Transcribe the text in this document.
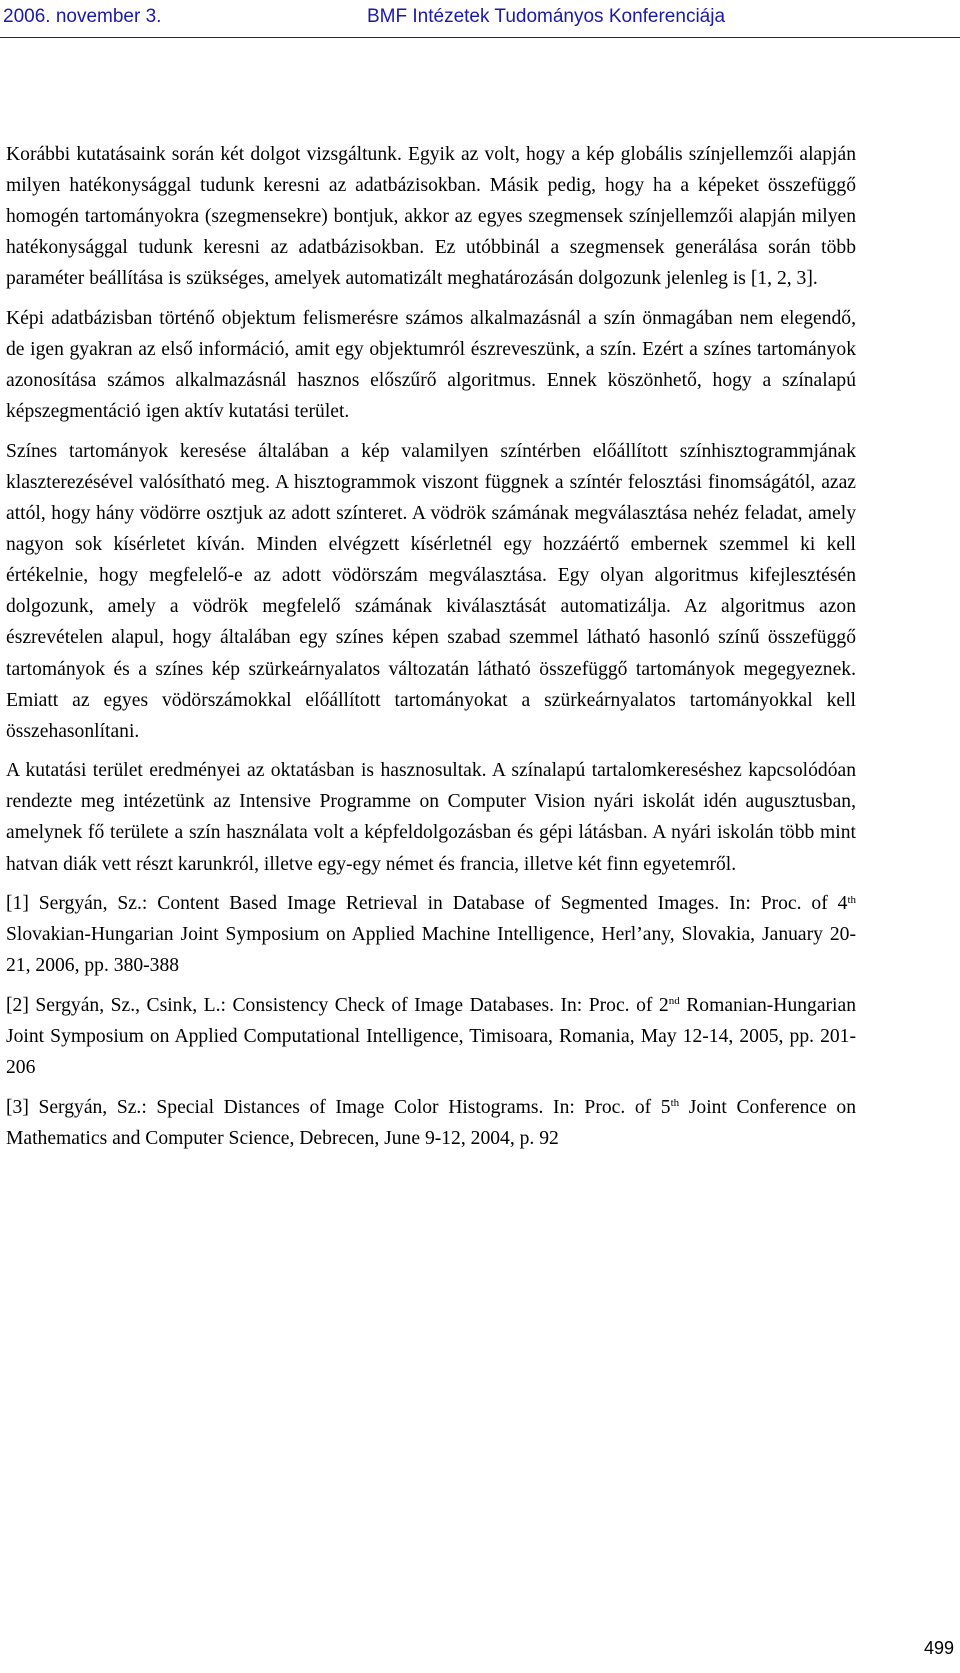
2006. november 3.	BMF Intézetek Tudományos Konferenciája

Korábbi kutatásaink során két dolgot vizsgáltunk. Egyik az volt, hogy a kép globális színjellemzői alapján milyen hatékonysággal tudunk keresni az adatbázisokban. Másik pedig, hogy ha a képeket összefüggő homogén tartományokra (szegmensekre) bontjuk, akkor az egyes szegmensek színjellemzői alapján milyen hatékonysággal tudunk keresni az adatbázisokban. Ez utóbbinál a szegmensek generálása során több paraméter beállítása is szükséges, amelyek automatizált meghatározásán dolgozunk jelenleg is [1, 2, 3].

Képi adatbázisban történő objektum felismerésre számos alkalmazásnál a szín önmagában nem elegendő, de igen gyakran az első információ, amit egy objektumról észreveszünk, a szín. Ezért a színes tartományok azonosítása számos alkalmazásnál hasznos előszűrő algoritmus. Ennek köszönhető, hogy a színalapú képszegmentáció igen aktív kutatási terület.

Színes tartományok keresése általában a kép valamilyen színtérben előállított színhisztogrammjának klaszterezésével valósítható meg. A hisztogrammok viszont függnek a színtér felosztási finomságától, azaz attól, hogy hány vödörre osztjuk az adott színteret. A vödrök számának megválasztása nehéz feladat, amely nagyon sok kísérletet kíván. Minden elvégzett kísérletnél egy hozzáértő embernek szemmel ki kell értékelnie, hogy megfelelő-e az adott vödörszám megválasztása. Egy olyan algoritmus kifejlesztésén dolgozunk, amely a vödrök megfelelő számának kiválasztását automatizálja. Az algoritmus azon észrevételen alapul, hogy általában egy színes képen szabad szemmel látható hasonló színű összefüggő tartományok és a színes kép szürkeárnyalatos változatán látható összefüggő tartományok megegyeznek. Emiatt az egyes vödörszámokkal előállított tartományokat a szürkeárnyalatos tartományokkal kell összehasonlítani.

A kutatási terület eredményei az oktatásban is hasznosultak. A színalapú tartalomkereséshez kapcsolódóan rendezte meg intézetünk az Intensive Programme on Computer Vision nyári iskolát idén augusztusban, amelynek fő területe a szín használata volt a képfeldolgozásban és gépi látásban. A nyári iskolán több mint hatvan diák vett részt karunkról, illetve egy-egy német és francia, illetve két finn egyetemről.

[1] Sergyán, Sz.: Content Based Image Retrieval in Database of Segmented Images. In: Proc. of 4th Slovakian-Hungarian Joint Symposium on Applied Machine Intelligence, Herl’any, Slovakia, January 20-21, 2006, pp. 380-388

[2] Sergyán, Sz., Csink, L.: Consistency Check of Image Databases. In: Proc. of 2nd Romanian-Hungarian Joint Symposium on Applied Computational Intelligence, Timisoara, Romania, May 12-14, 2005, pp. 201-206

[3] Sergyán, Sz.: Special Distances of Image Color Histograms. In: Proc. of 5th Joint Conference on Mathematics and Computer Science, Debrecen, June 9-12, 2004, p. 92

499
